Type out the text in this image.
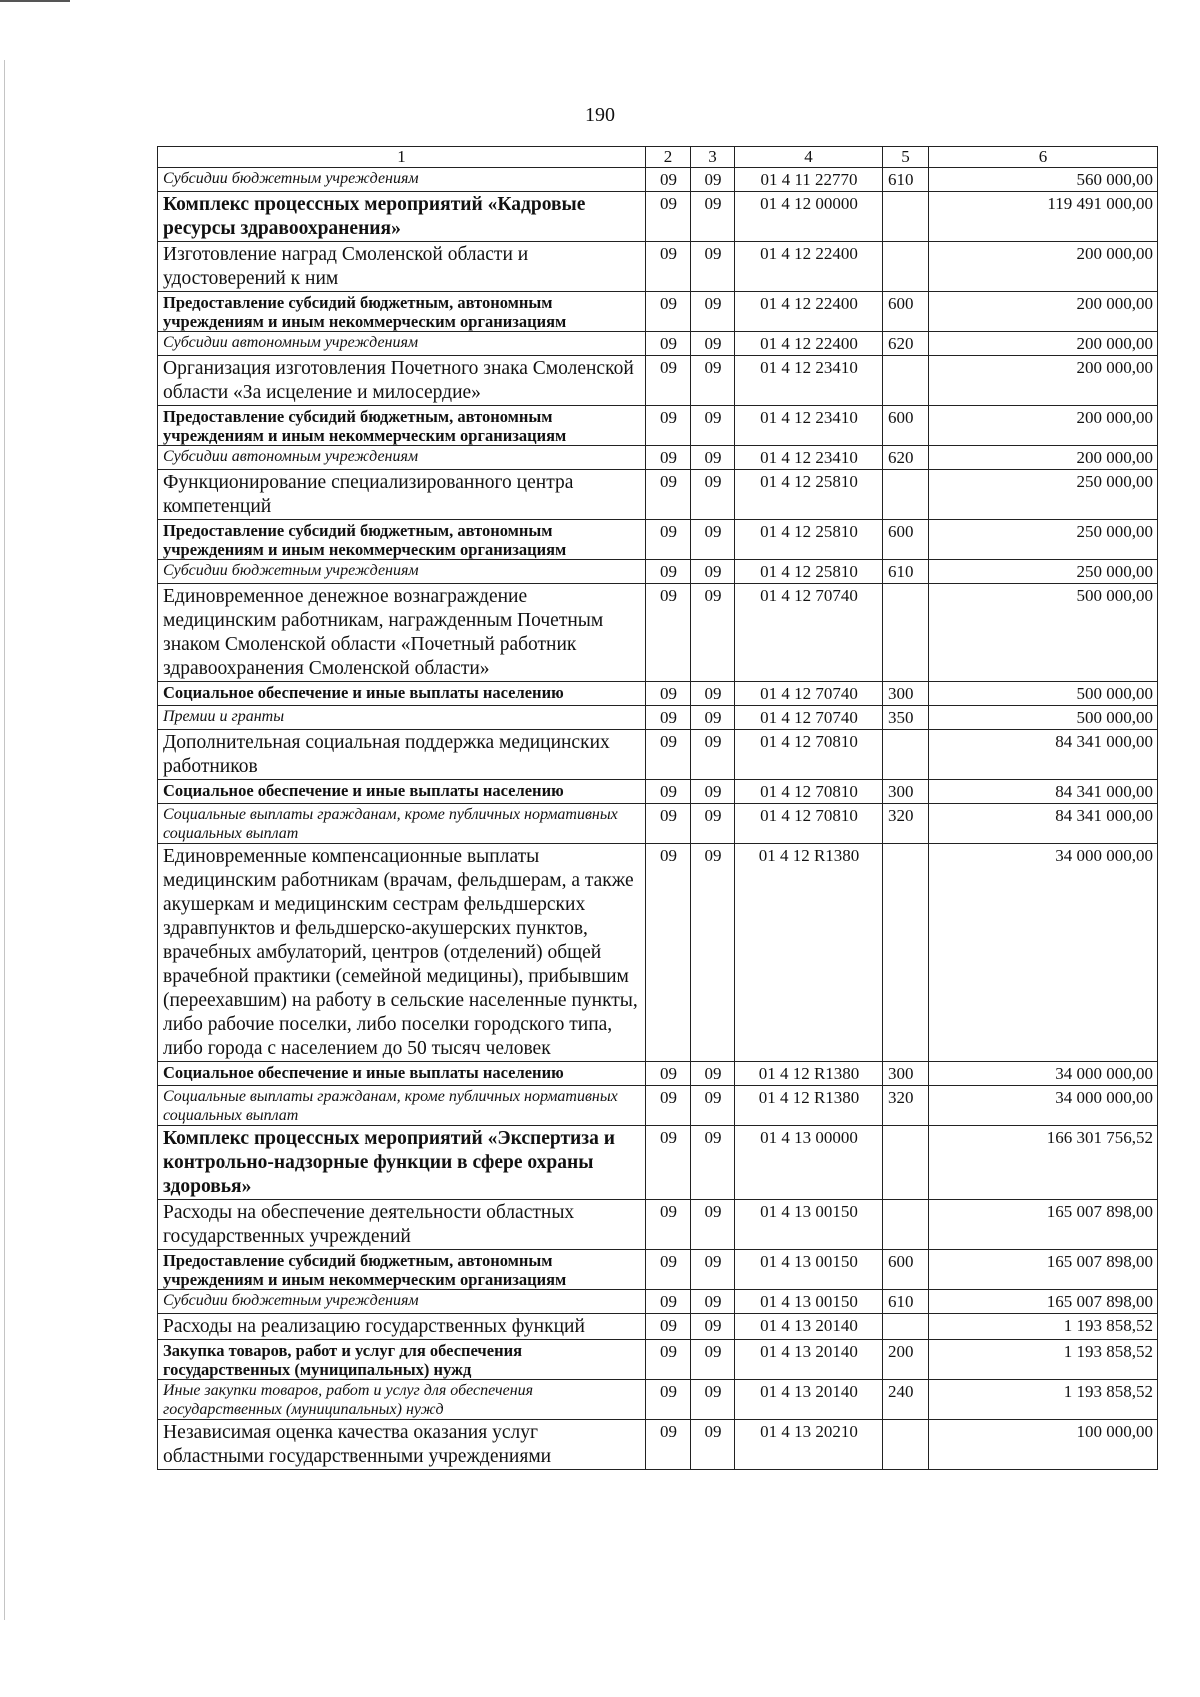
190
1	2	3	4	5	6
Субсидии бюджетным учреждениям	09	09	01 4 11 22770	610	560 000,00
Комплекс процессных мероприятий «Кадровые ресурсы здравоохранения»	09	09	01 4 12 00000		119 491 000,00
Изготовление наград Смоленской области и удостоверений к ним	09	09	01 4 12 22400		200 000,00
Предоставление субсидий бюджетным, автономным учреждениям и иным некоммерческим организациям	09	09	01 4 12 22400	600	200 000,00
Субсидии автономным учреждениям	09	09	01 4 12 22400	620	200 000,00
Организация изготовления Почетного знака Смоленской области «За исцеление и милосердие»	09	09	01 4 12 23410		200 000,00
Предоставление субсидий бюджетным, автономным учреждениям и иным некоммерческим организациям	09	09	01 4 12 23410	600	200 000,00
Субсидии автономным учреждениям	09	09	01 4 12 23410	620	200 000,00
Функционирование специализированного центра компетенций	09	09	01 4 12 25810		250 000,00
Предоставление субсидий бюджетным, автономным учреждениям и иным некоммерческим организациям	09	09	01 4 12 25810	600	250 000,00
Субсидии бюджетным учреждениям	09	09	01 4 12 25810	610	250 000,00
Единовременное денежное вознаграждение медицинским работникам, награжденным Почетным знаком Смоленской области «Почетный работник здравоохранения Смоленской области»	09	09	01 4 12 70740		500 000,00
Социальное обеспечение и иные выплаты населению	09	09	01 4 12 70740	300	500 000,00
Премии и гранты	09	09	01 4 12 70740	350	500 000,00
Дополнительная социальная поддержка медицинских работников	09	09	01 4 12 70810		84 341 000,00
Социальное обеспечение и иные выплаты населению	09	09	01 4 12 70810	300	84 341 000,00
Социальные выплаты гражданам, кроме публичных нормативных социальных выплат	09	09	01 4 12 70810	320	84 341 000,00
Единовременные компенсационные выплаты медицинским работникам (врачам, фельдшерам, а также акушеркам и медицинским сестрам фельдшерских здравпунктов и фельдшерско-акушерских пунктов, врачебных амбулаторий, центров (отделений) общей врачебной практики (семейной медицины), прибывшим (переехавшим) на работу в сельские населенные пункты, либо рабочие поселки, либо поселки городского типа, либо города с населением до 50 тысяч человек	09	09	01 4 12 R1380		34 000 000,00
Социальное обеспечение и иные выплаты населению	09	09	01 4 12 R1380	300	34 000 000,00
Социальные выплаты гражданам, кроме публичных нормативных социальных выплат	09	09	01 4 12 R1380	320	34 000 000,00
Комплекс процессных мероприятий «Экспертиза и контрольно-надзорные функции в сфере охраны здоровья»	09	09	01 4 13 00000		166 301 756,52
Расходы на обеспечение деятельности областных государственных учреждений	09	09	01 4 13 00150		165 007 898,00
Предоставление субсидий бюджетным, автономным учреждениям и иным некоммерческим организациям	09	09	01 4 13 00150	600	165 007 898,00
Субсидии бюджетным учреждениям	09	09	01 4 13 00150	610	165 007 898,00
Расходы на реализацию государственных функций	09	09	01 4 13 20140		1 193 858,52
Закупка товаров, работ и услуг для обеспечения государственных (муниципальных) нужд	09	09	01 4 13 20140	200	1 193 858,52
Иные закупки товаров, работ и услуг для обеспечения государственных (муниципальных) нужд	09	09	01 4 13 20140	240	1 193 858,52
Независимая оценка качества оказания услуг областными государственными учреждениями	09	09	01 4 13 20210		100 000,00
